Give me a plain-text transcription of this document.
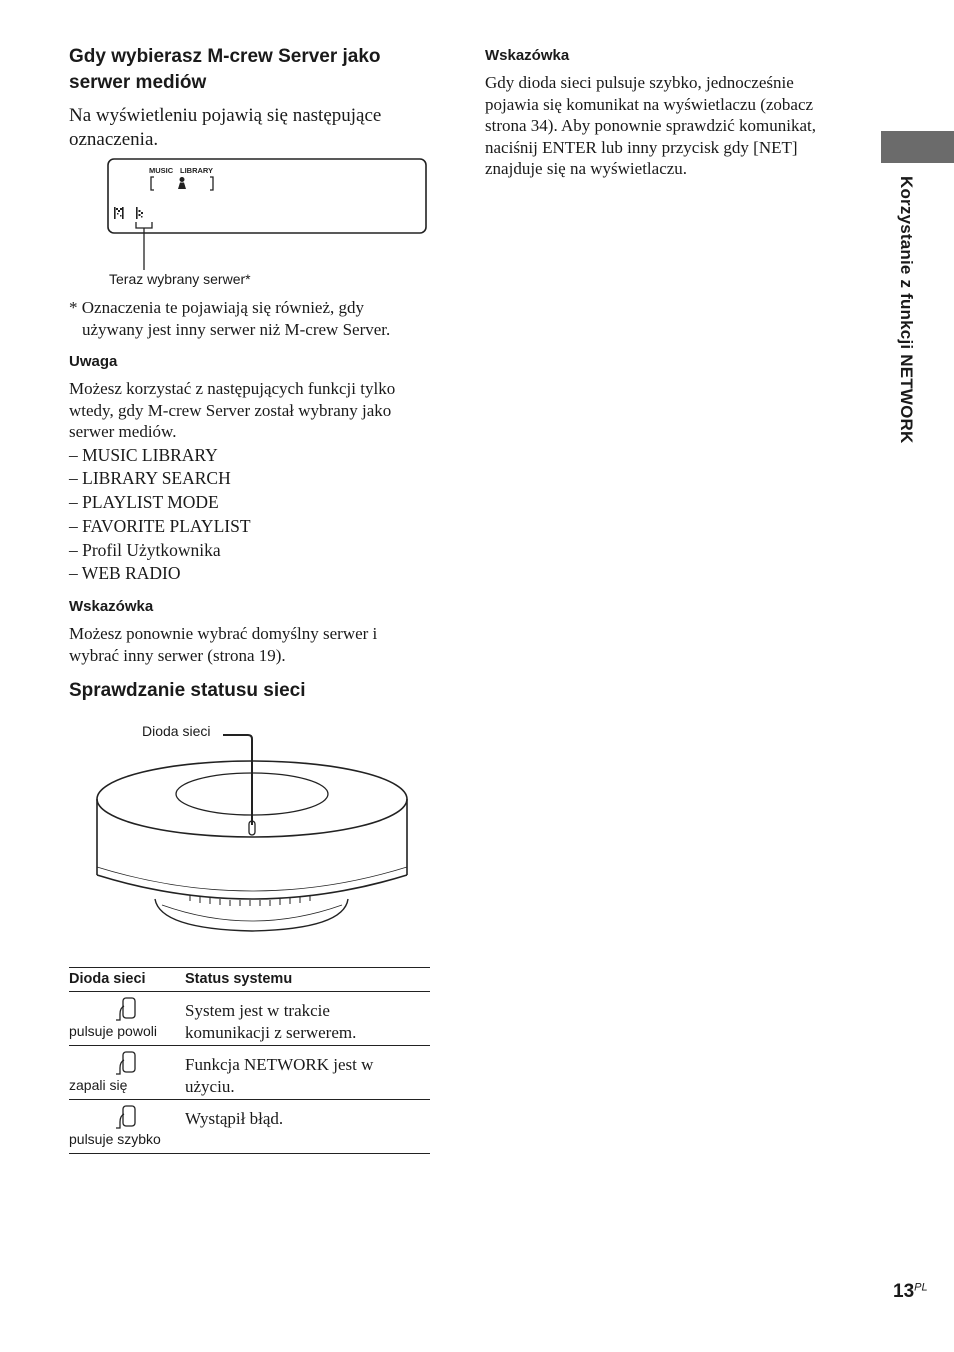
Gdy wybierasz M-crew Server jako
serwer mediów

Na wyświetleniu pojawią się następujące
oznaczenia.

MUSIC LIBRARY
Teraz wybrany serwer*

* Oznaczenia te pojawiają się również, gdy
używany jest inny serwer niż M-crew Server.

Uwaga

Możesz korzystać z następujących funkcji tylko
wtedy, gdy M-crew Server został wybrany jako
serwer mediów.

– MUSIC LIBRARY
– LIBRARY SEARCH
– PLAYLIST MODE
– FAVORITE PLAYLIST
– Profil Użytkownika
– WEB RADIO
Wskazówka

Możesz ponownie wybrać domyślny serwer i
wybrać inny serwer (strona 19).

Sprawdzanie statusu sieci
Dioda sieci
Dioda sieci	Status systemu

pulsuje powoli	System jest w trakcie
komunikacji z serwerem.

zapali się	Funkcja NETWORK jest w
użyciu.

pulsuje szybko	Wystąpił błąd.
Wskazówka

Gdy dioda sieci pulsuje szybko, jednocześnie
pojawia się komunikat na wyświetlaczu (zobacz
strona 34). Aby ponownie sprawdzić komunikat,
naciśnij ENTER lub inny przycisk gdy [NET]
znajduje się na wyświetlaczu.

Korzystanie z funkcji NETWORK
$13^{PL}$
